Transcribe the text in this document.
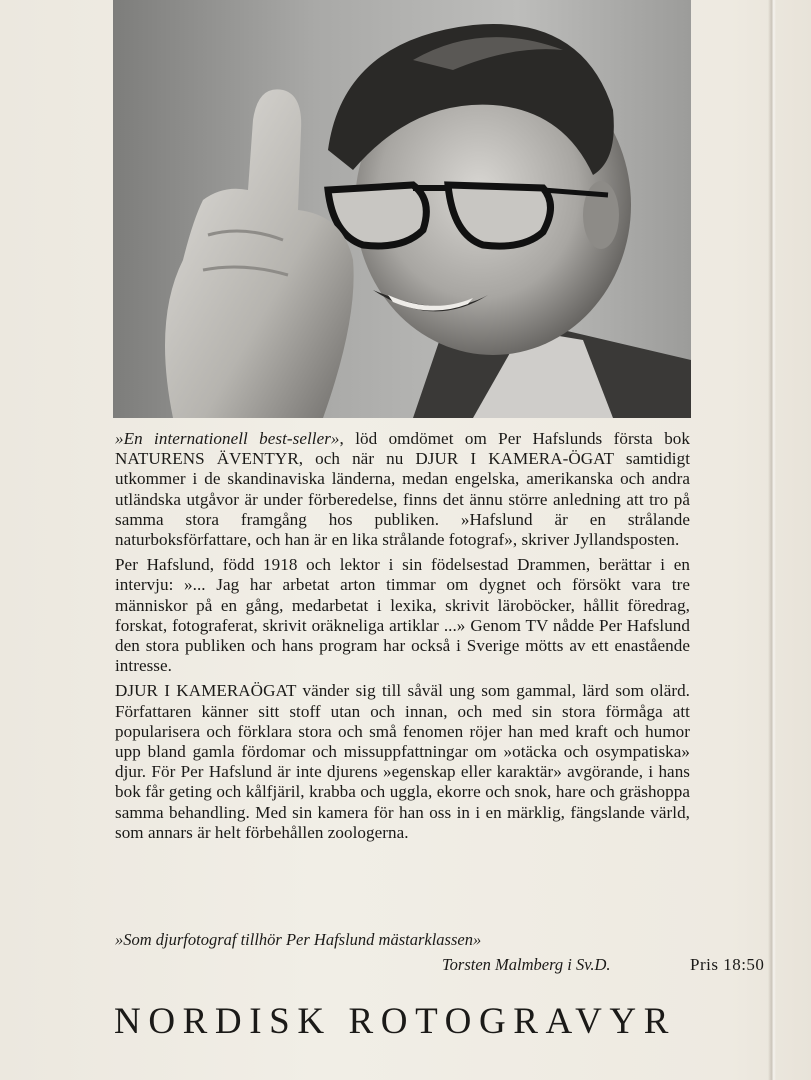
»En internationell best-seller», löd omdömet om Per Hafslunds första bok NATURENS ÄVENTYR, och när nu DJUR I KAMERA-ÖGAT samtidigt utkommer i de skandinaviska länderna, medan engelska, amerikanska och andra utländska utgåvor är under förberedelse, finns det ännu större anledning att tro på samma stora framgång hos publiken. »Hafslund är en strålande naturboksförfattare, och han är en lika strålande fotograf», skriver Jyllandsposten.

Per Hafslund, född 1918 och lektor i sin födelsestad Drammen, berättar i en intervju: »... Jag har arbetat arton timmar om dygnet och försökt vara tre människor på en gång, medarbetat i lexika, skrivit läroböcker, hållit föredrag, forskat, fotograferat, skrivit oräkneliga artiklar ...» Genom TV nådde Per Hafslund den stora publiken och hans program har också i Sverige mötts av ett enastående intresse.

DJUR I KAMERAÖGAT vänder sig till såväl ung som gammal, lärd som olärd. Författaren känner sitt stoff utan och innan, och med sin stora förmåga att popularisera och förklara stora och små fenomen röjer han med kraft och humor upp bland gamla fördomar och missuppfattningar om »otäcka och osympatiska» djur. För Per Hafslund är inte djurens »egenskap eller karaktär» avgörande, i hans bok får geting och kålfjäril, krabba och uggla, ekorre och snok, hare och gräshoppa samma behandling. Med sin kamera för han oss in i en märklig, fängslande värld, som annars är helt förbehållen zoologerna.

»Som djurfotograf tillhör Per Hafslund mästarklassen»
Torsten Malmberg i Sv.D.	Pris 18:50
NORDISK ROTOGRAVYR
